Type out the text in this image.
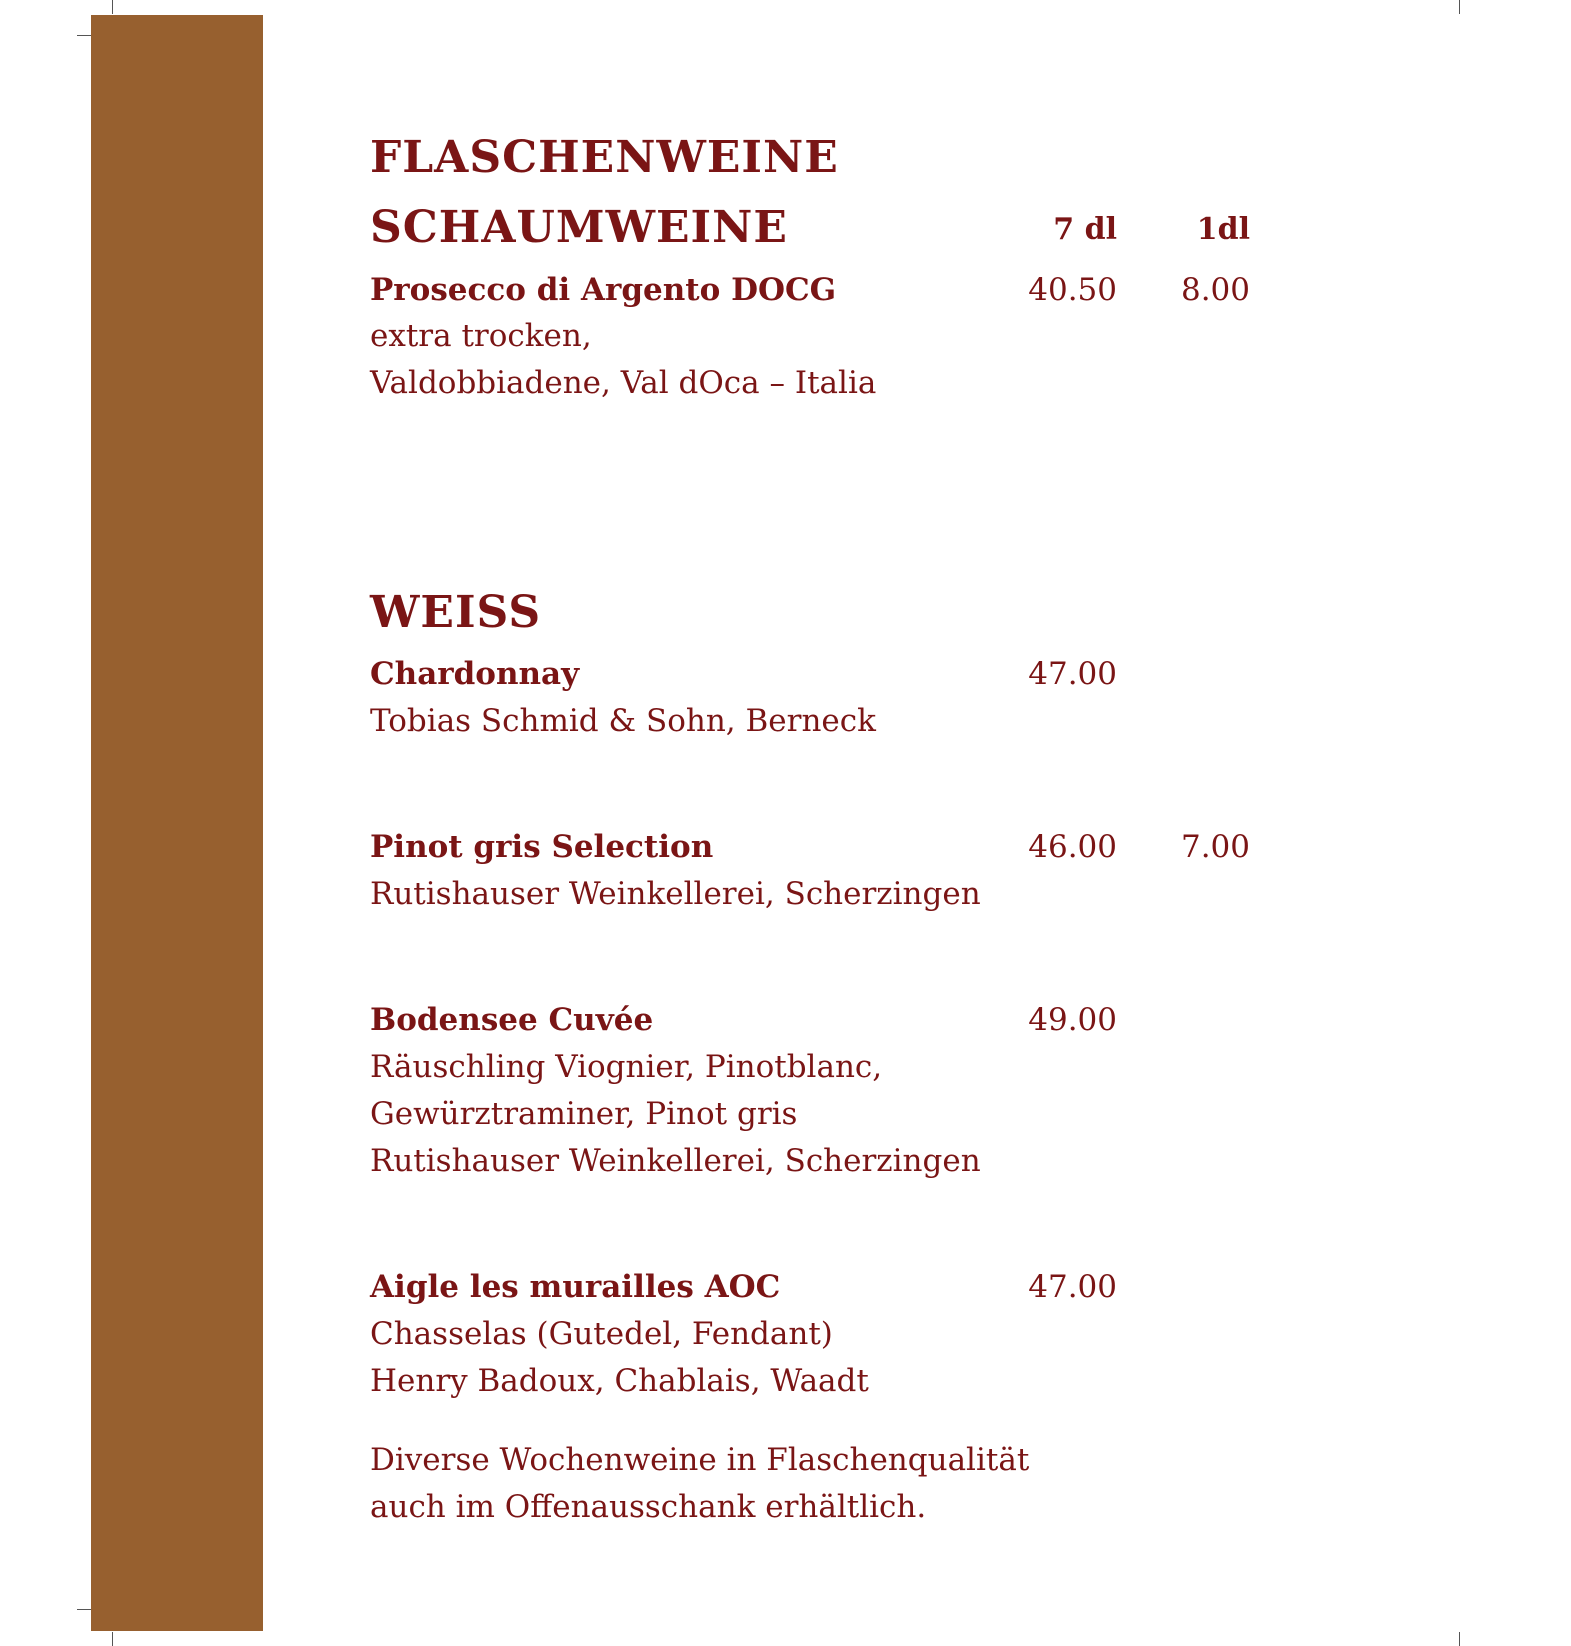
FLASCHENWEINE
SCHAUMWEINE	7 dl	1dl
Prosecco di Argento DOCG	40.50	8.00
extra trocken,
Valdobbiadene, Val dOca – Italia
WEISS
Chardonnay	47.00
Tobias Schmid & Sohn, Berneck
Pinot gris Selection	46.00	7.00
Rutishauser Weinkellerei, Scherzingen
Bodensee Cuvée	49.00
Räuschling Viognier, Pinotblanc,
Gewürztraminer, Pinot gris
Rutishauser Weinkellerei, Scherzingen
Aigle les murailles AOC	47.00
Chasselas (Gutedel, Fendant)
Henry Badoux, Chablais, Waadt
Diverse Wochenweine in Flaschenqualität
auch im Offenausschank erhältlich.
